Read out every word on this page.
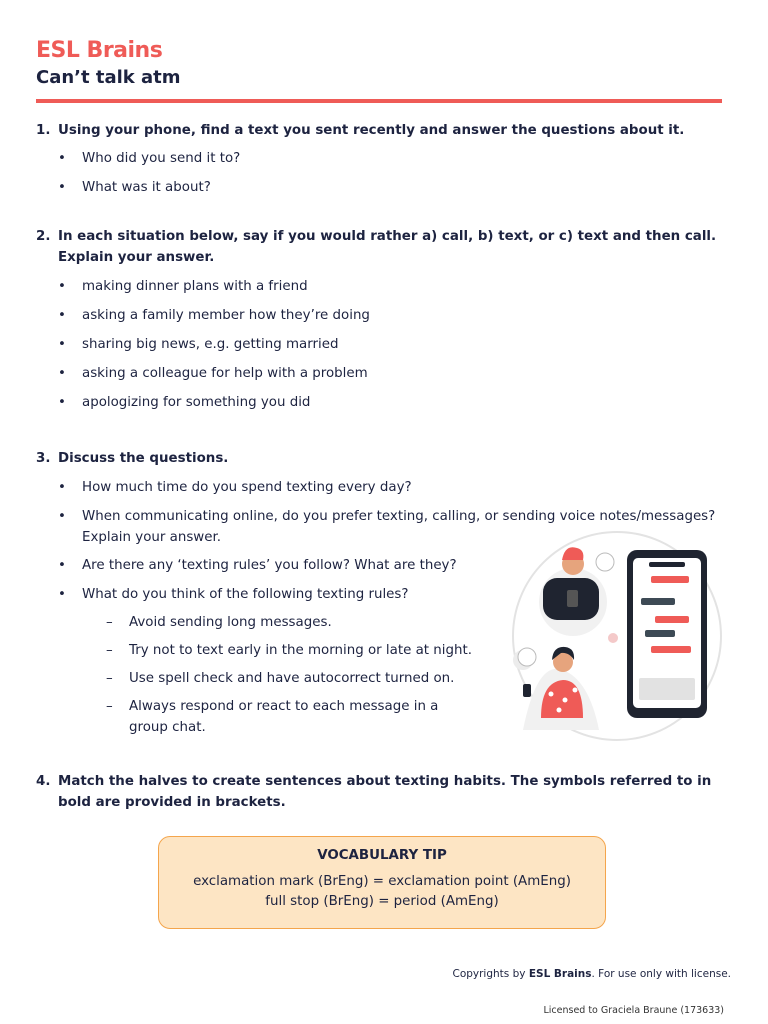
ESL Brains
Can’t talk atm
1. Using your phone, find a text you sent recently and answer the questions about it.
• Who did you send it to?
• What was it about?
2. In each situation below, say if you would rather a) call, b) text, or c) text and then call. Explain your answer.
• making dinner plans with a friend
• asking a family member how they’re doing
• sharing big news, e.g. getting married
• asking a colleague for help with a problem
• apologizing for something you did
3. Discuss the questions.
• How much time do you spend texting every day?
• When communicating online, do you prefer texting, calling, or sending voice notes/messages? Explain your answer.
• Are there any ‘texting rules’ you follow? What are they?
• What do you think of the following texting rules?
– Avoid sending long messages.
– Try not to text early in the morning or late at night.
– Use spell check and have autocorrect turned on.
– Always respond or react to each message in a group chat.
4. Match the halves to create sentences about texting habits. The symbols referred to in bold are provided in brackets.
VOCABULARY TIP
exclamation mark (BrEng) = exclamation point (AmEng)
full stop (BrEng) = period (AmEng)
Copyrights by ESL Brains. For use only with license.
Licensed to Graciela Braune (173633)
